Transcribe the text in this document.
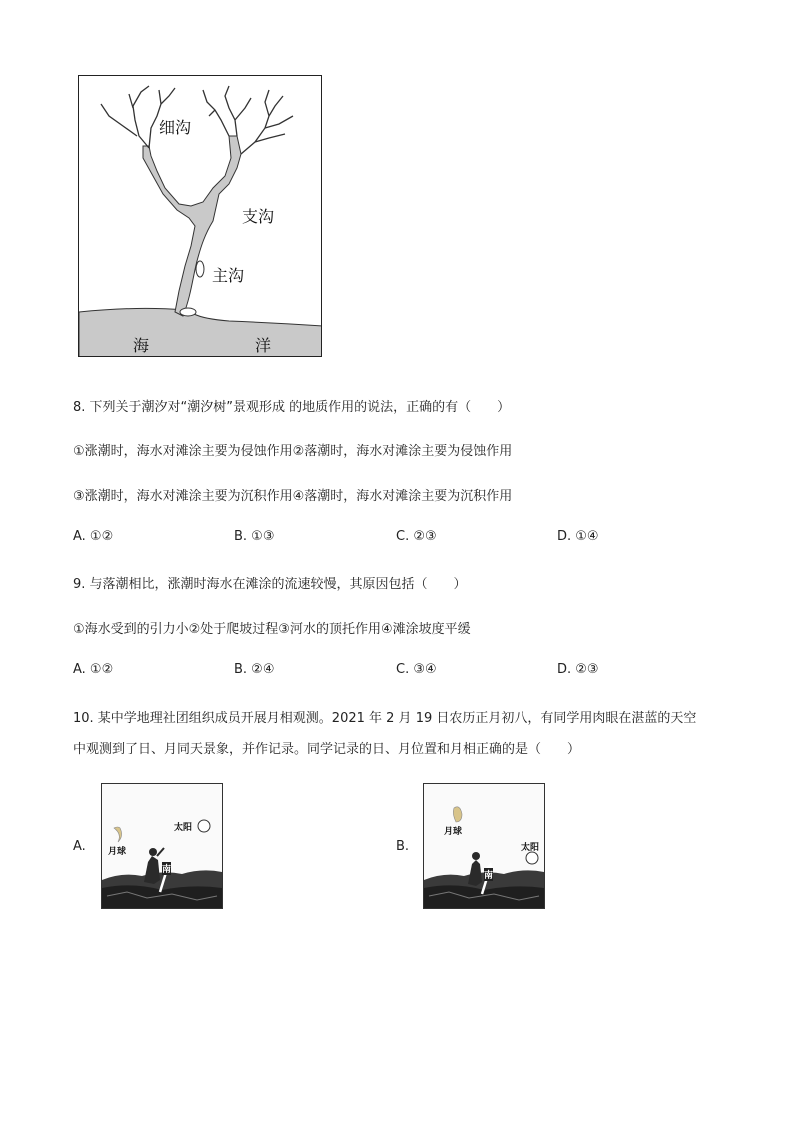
细沟
支沟
主沟
海	洋
8. 下列关于潮汐对“潮汐树”景观形成 的地质作用的说法，正确的有（　　）
①涨潮时，海水对滩涂主要为侵蚀作用②落潮时，海水对滩涂主要为侵蚀作用
③涨潮时，海水对滩涂主要为沉积作用④落潮时，海水对滩涂主要为沉积作用
A. ①②	B. ①③	C. ②③	D. ①④
9. 与落潮相比，涨潮时海水在滩涂的流速较慢，其原因包括（　　）
①海水受到的引力小②处于爬坡过程③河水的顶托作用④滩涂坡度平缓
A. ①②	B. ②④	C. ③④	D. ②③
10. 某中学地理社团组织成员开展月相观测。2021 年 2 月 19 日农历正月初八，有同学用肉眼在湛蓝的天空
中观测到了日、月同天景象，并作记录。同学记录的日、月位置和月相正确的是（　　）
A.
太阳
月球
南
B.
月球
太阳
南
